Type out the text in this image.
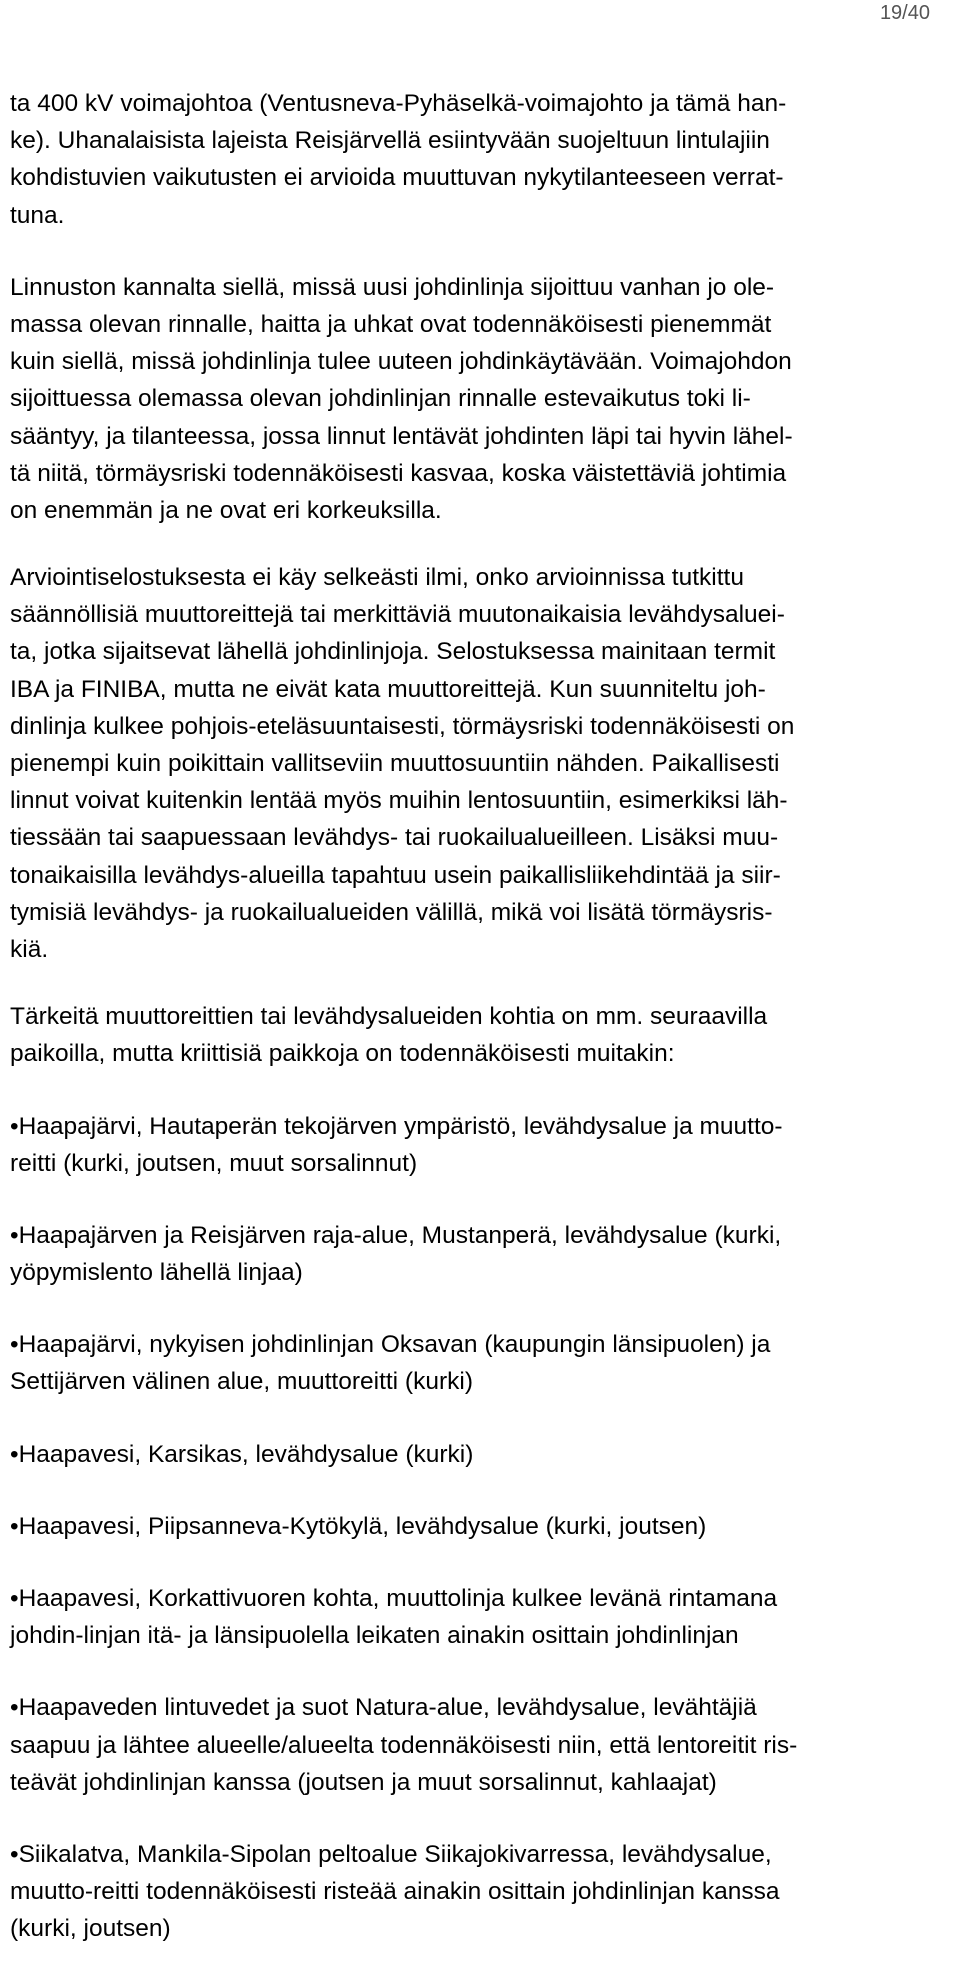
19/40
ta 400 kV voimajohtoa (Ventusneva-Pyhäselkä-voimajohto ja tämä han-
ke). Uhanalaisista lajeista Reisjärvellä esiintyvään suojeltuun lintulajiin
kohdistuvien vaikutusten ei arvioida muuttuvan nykytilanteeseen verrat-
tuna.
Linnuston kannalta siellä, missä uusi johdinlinja sijoittuu vanhan jo ole-
massa olevan rinnalle, haitta ja uhkat ovat todennäköisesti pienemmät
kuin siellä, missä johdinlinja tulee uuteen johdinkäytävään. Voimajohdon
sijoittuessa olemassa olevan johdinlinjan rinnalle estevaikutus toki li-
sääntyy, ja tilanteessa, jossa linnut lentävät johdinten läpi tai hyvin lähel-
tä niitä, törmäysriski todennäköisesti kasvaa, koska väistettäviä johtimia
on enemmän ja ne ovat eri korkeuksilla.
Arviointiselostuksesta ei käy selkeästi ilmi, onko arvioinnissa tutkittu
säännöllisiä muuttoreittejä tai merkittäviä muutonaikaisia levähdysaluei-
ta, jotka sijaitsevat lähellä johdinlinjoja. Selostuksessa mainitaan termit
IBA ja FINIBA, mutta ne eivät kata muuttoreittejä. Kun suunniteltu joh-
dinlinja kulkee pohjois-eteläsuuntaisesti, törmäysriski todennäköisesti on
pienempi kuin poikittain vallitseviin muuttosuuntiin nähden. Paikallisesti
linnut voivat kuitenkin lentää myös muihin lentosuuntiin, esimerkiksi läh-
tiessään tai saapuessaan levähdys- tai ruokailualueilleen. Lisäksi muu-
tonaikaisilla levähdys-alueilla tapahtuu usein paikallisliikehdintää ja siir-
tymisiä levähdys- ja ruokailualueiden välillä, mikä voi lisätä törmäysris-
kiä.
Tärkeitä muuttoreittien tai levähdysalueiden kohtia on mm. seuraavilla
paikoilla, mutta kriittisiä paikkoja on todennäköisesti muitakin:
•Haapajärvi, Hautaperän tekojärven ympäristö, levähdysalue ja muutto-
reitti (kurki, joutsen, muut sorsalinnut)
•Haapajärven ja Reisjärven raja-alue, Mustanperä, levähdysalue (kurki,
yöpymislento lähellä linjaa)
•Haapajärvi, nykyisen johdinlinjan Oksavan (kaupungin länsipuolen) ja
Settijärven välinen alue, muuttoreitti (kurki)
•Haapavesi, Karsikas, levähdysalue (kurki)
•Haapavesi, Piipsanneva-Kytökylä, levähdysalue (kurki, joutsen)
•Haapavesi, Korkattivuoren kohta, muuttolinja kulkee levänä rintamana
johdin-linjan itä- ja länsipuolella leikaten ainakin osittain johdinlinjan
•Haapaveden lintuvedet ja suot Natura-alue, levähdysalue, levähtäjiä
saapuu ja lähtee alueelle/alueelta todennäköisesti niin, että lentoreitit ris-
teävät johdinlinjan kanssa (joutsen ja muut sorsalinnut, kahlaajat)
•Siikalatva, Mankila-Sipolan peltoalue Siikajokivarressa, levähdysalue,
muutto-reitti todennäköisesti risteää ainakin osittain johdinlinjan kanssa
(kurki, joutsen)
